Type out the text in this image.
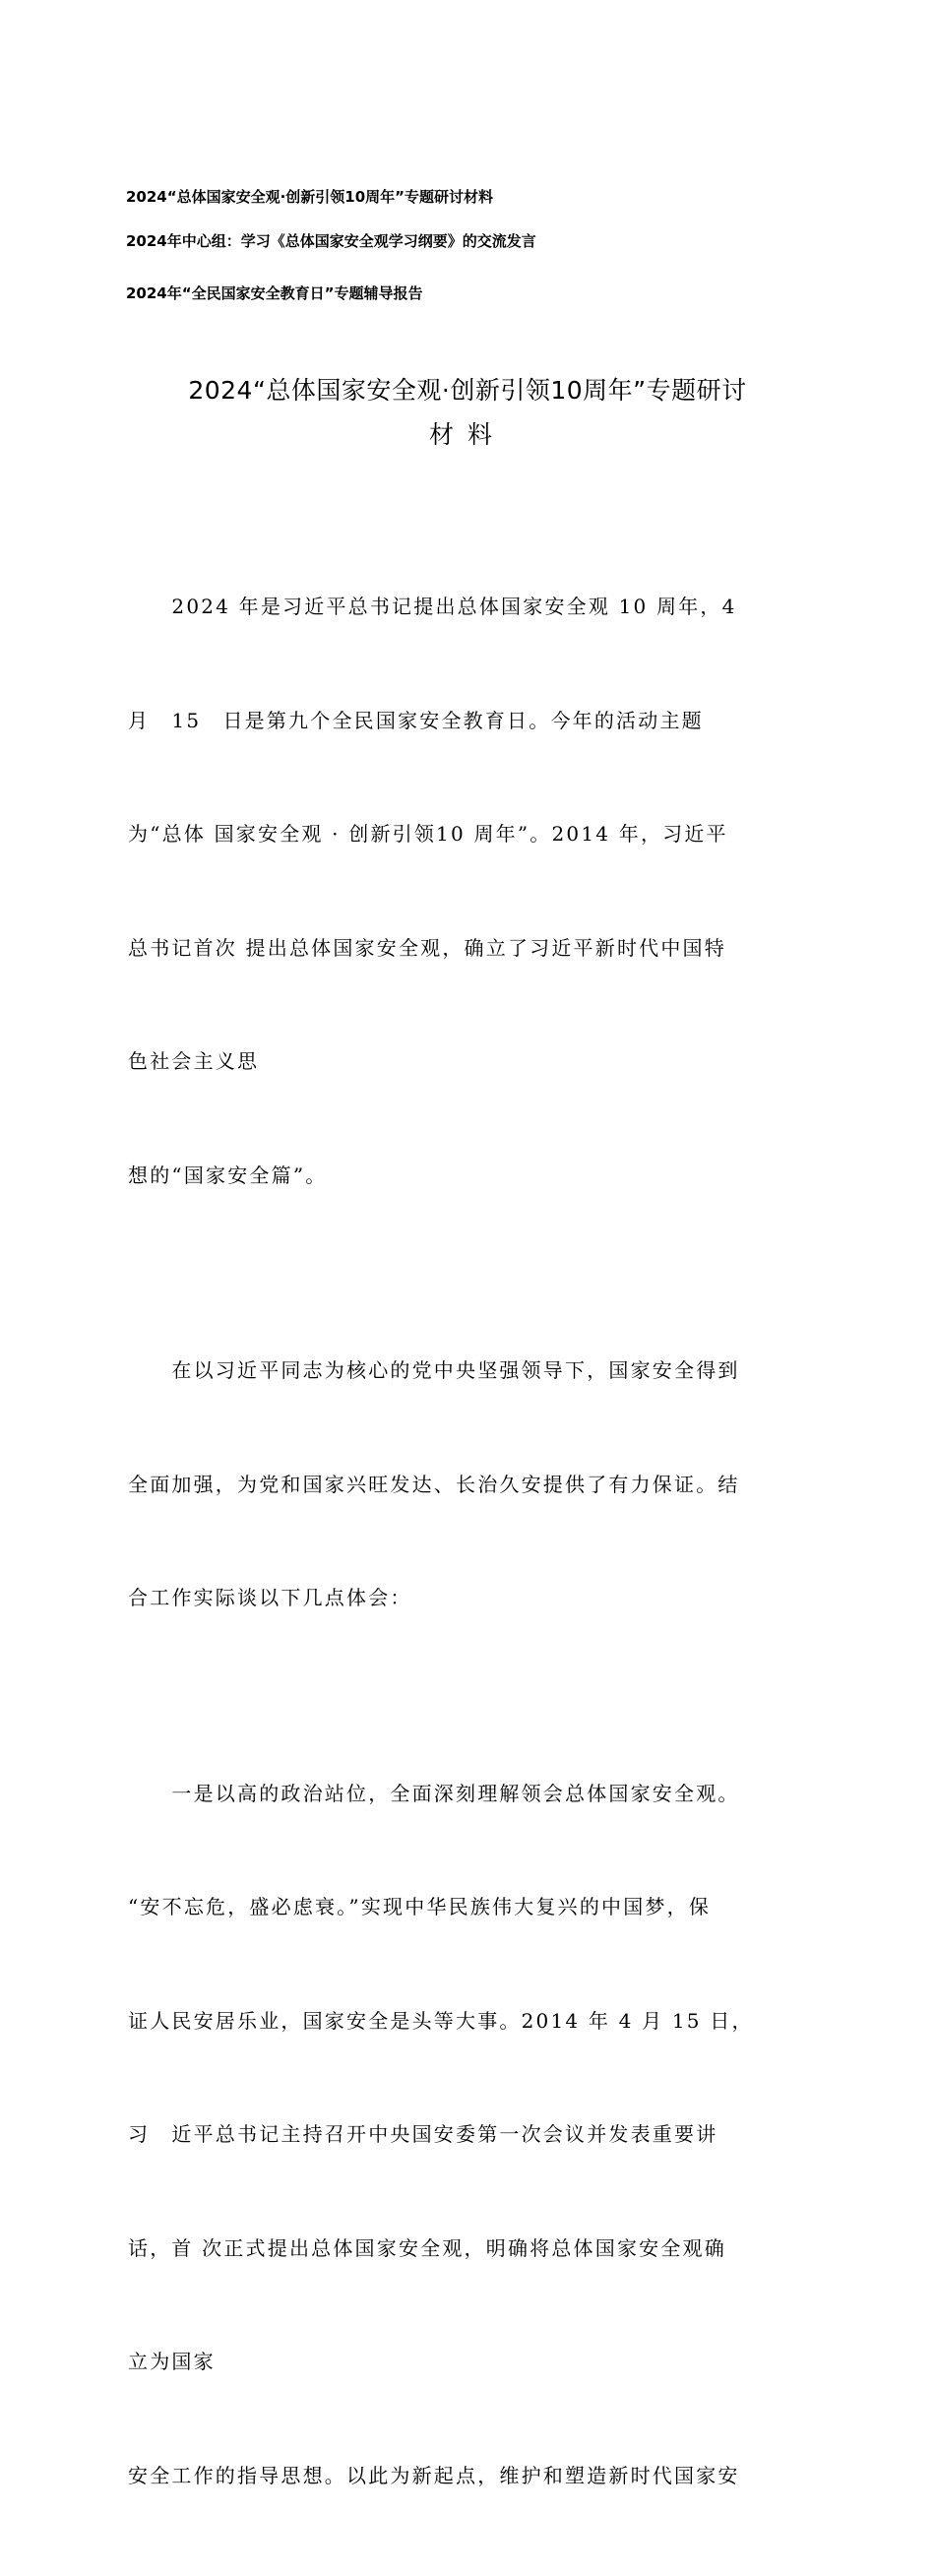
2024“总体国家安全观·创新引领10周年”专题研讨材料
2024年中心组：学习《总体国家安全观学习纲要》的交流发言
2024年“全民国家安全教育日”专题辅导报告
2024“总体国家安全观·创新引领10周年”专题研讨
材料

　　2024 年是习近平总书记提出总体国家安全观 10 周年，4

月　15　日是第九个全民国家安全教育日。今年的活动主题

为“总体 国家安全观 · 创新引领10 周年”。2014 年，习近平

总书记首次 提出总体国家安全观，确立了习近平新时代中国特

色社会主义思

想的“国家安全篇”。

　　在以习近平同志为核心的党中央坚强领导下，国家安全得到

全面加强，为党和国家兴旺发达、长治久安提供了有力保证。结

合工作实际谈以下几点体会：

　　一是以高的政治站位，全面深刻理解领会总体国家安全观。

“安不忘危，盛必虑衰。”实现中华民族伟大复兴的中国梦，保

证人民安居乐业，国家安全是头等大事。2014 年 4 月 15 日，

习　近平总书记主持召开中央国安委第一次会议并发表重要讲

话，首 次正式提出总体国家安全观，明确将总体国家安全观确

立为国家

安全工作的指导思想。以此为新起点，维护和塑造新时代国家安
